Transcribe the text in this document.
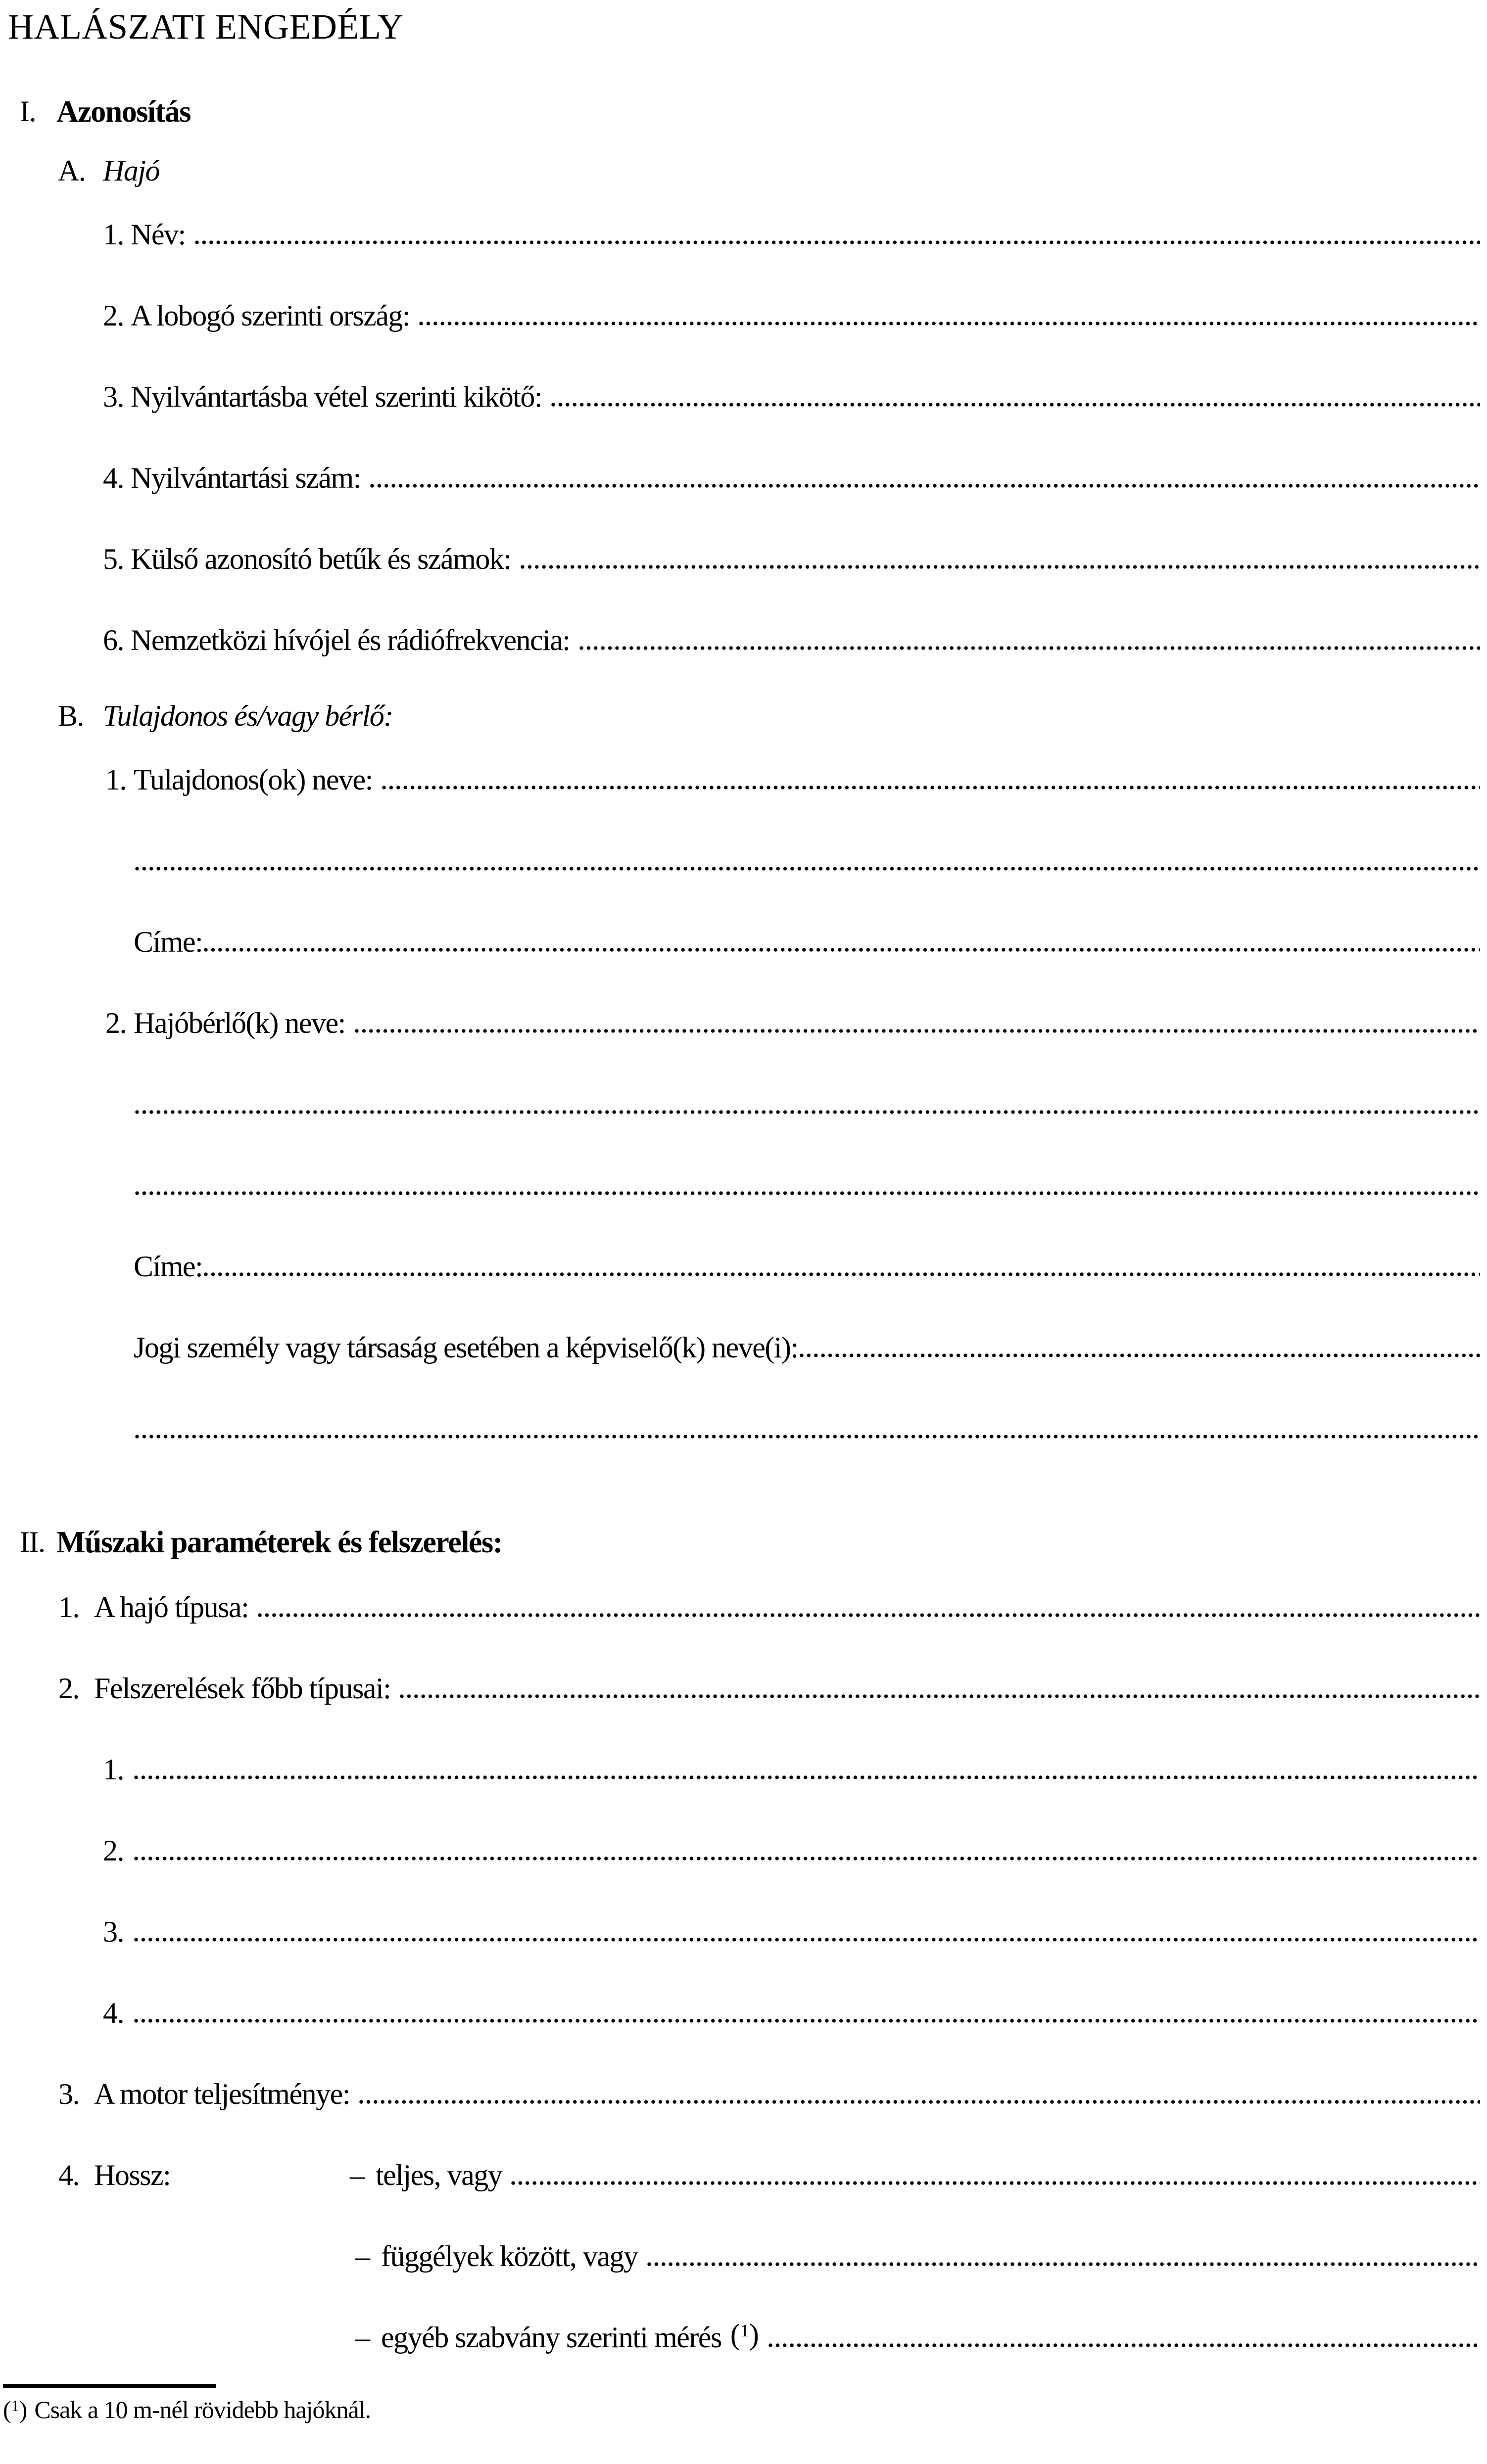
HALÁSZATI ENGEDÉLY
I. Azonosítás
A. Hajó
1. Név:
2. A lobogó szerinti ország:
3. Nyilvántartásba vétel szerinti kikötő:
4. Nyilvántartási szám:
5. Külső azonosító betűk és számok:
6. Nemzetközi hívójel és rádiófrekvencia:
B. Tulajdonos és/vagy bérlő:
1. Tulajdonos(ok) neve:
Címe:
2. Hajóbérlő(k) neve:
Címe:
Jogi személy vagy társaság esetében a képviselő(k) neve(i):
II. Műszaki paraméterek és felszerelés:
1. A hajó típusa:
2. Felszerelések főbb típusai:
1.
2.
3.
4.
3. A motor teljesítménye:
4. Hossz:	– teljes, vagy
– függélyek között, vagy
– egyéb szabvány szerinti mérés ($^1$)
($^1$) Csak a 10 m-nél rövidebb hajóknál.
